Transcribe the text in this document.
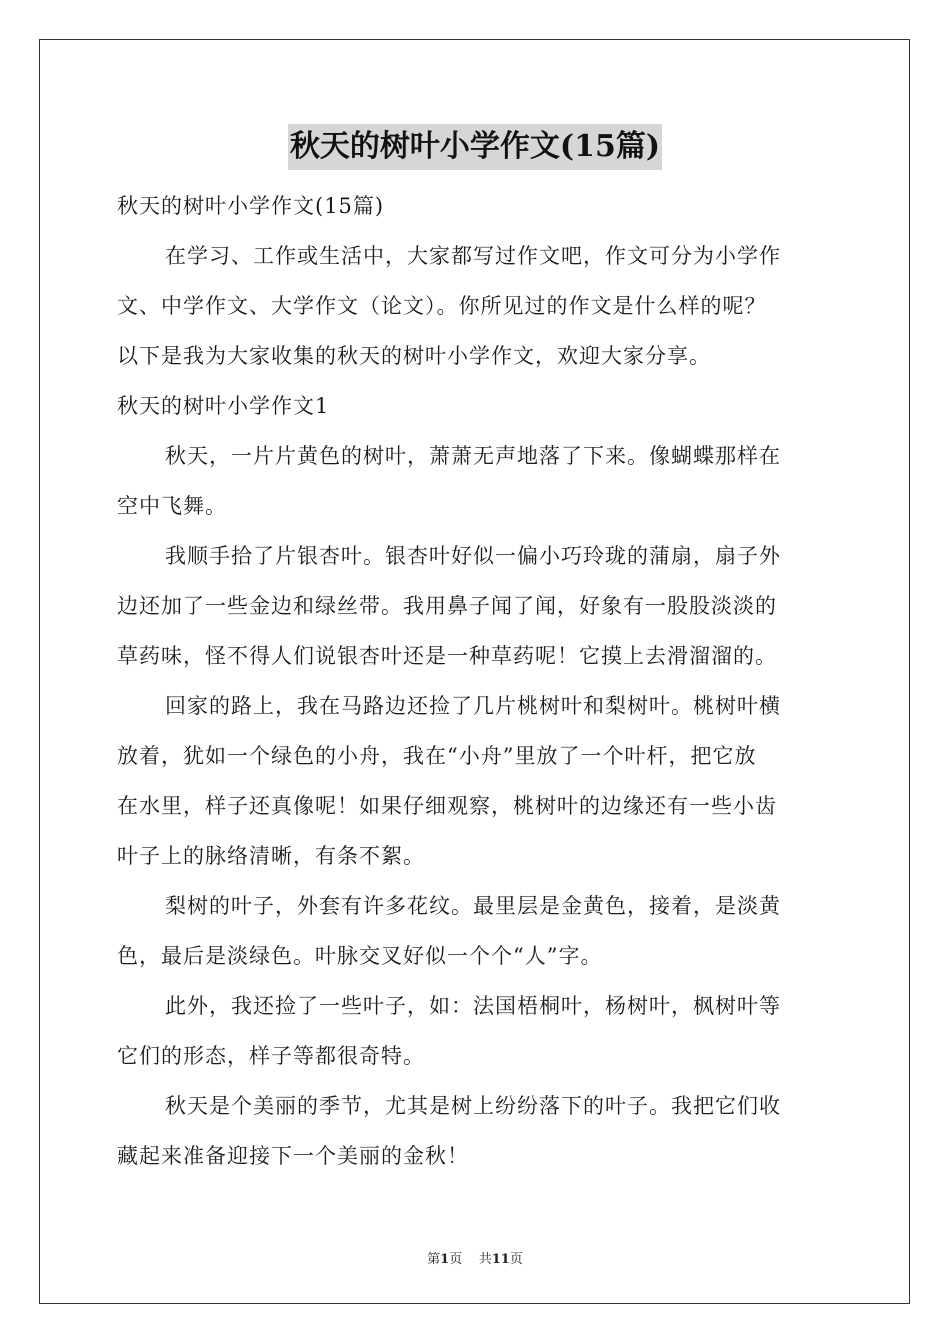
秋天的树叶小学作文(15篇)
秋天的树叶小学作文(15篇)
在学习、工作或生活中，大家都写过作文吧，作文可分为小学作
文、中学作文、大学作文（论文）。你所见过的作文是什么样的呢？
以下是我为大家收集的秋天的树叶小学作文，欢迎大家分享。
秋天的树叶小学作文1
秋天，一片片黄色的树叶，萧萧无声地落了下来。像蝴蝶那样在
空中飞舞。
我顺手拾了片银杏叶。银杏叶好似一偏小巧玲珑的蒲扇，扇子外
边还加了一些金边和绿丝带。我用鼻子闻了闻，好象有一股股淡淡的
草药味，怪不得人们说银杏叶还是一种草药呢！它摸上去滑溜溜的。
回家的路上，我在马路边还捡了几片桃树叶和梨树叶。桃树叶横
放着，犹如一个绿色的小舟，我在“小舟”里放了一个叶杆，把它放
在水里，样子还真像呢！如果仔细观察，桃树叶的边缘还有一些小齿
叶子上的脉络清晰，有条不絮。
梨树的叶子，外套有许多花纹。最里层是金黄色，接着，是淡黄
色，最后是淡绿色。叶脉交叉好似一个个“人”字。
此外，我还捡了一些叶子，如：法国梧桐叶，杨树叶，枫树叶等
它们的形态，样子等都很奇特。
秋天是个美丽的季节，尤其是树上纷纷落下的叶子。我把它们收
藏起来准备迎接下一个美丽的金秋！
第1页 共11页
